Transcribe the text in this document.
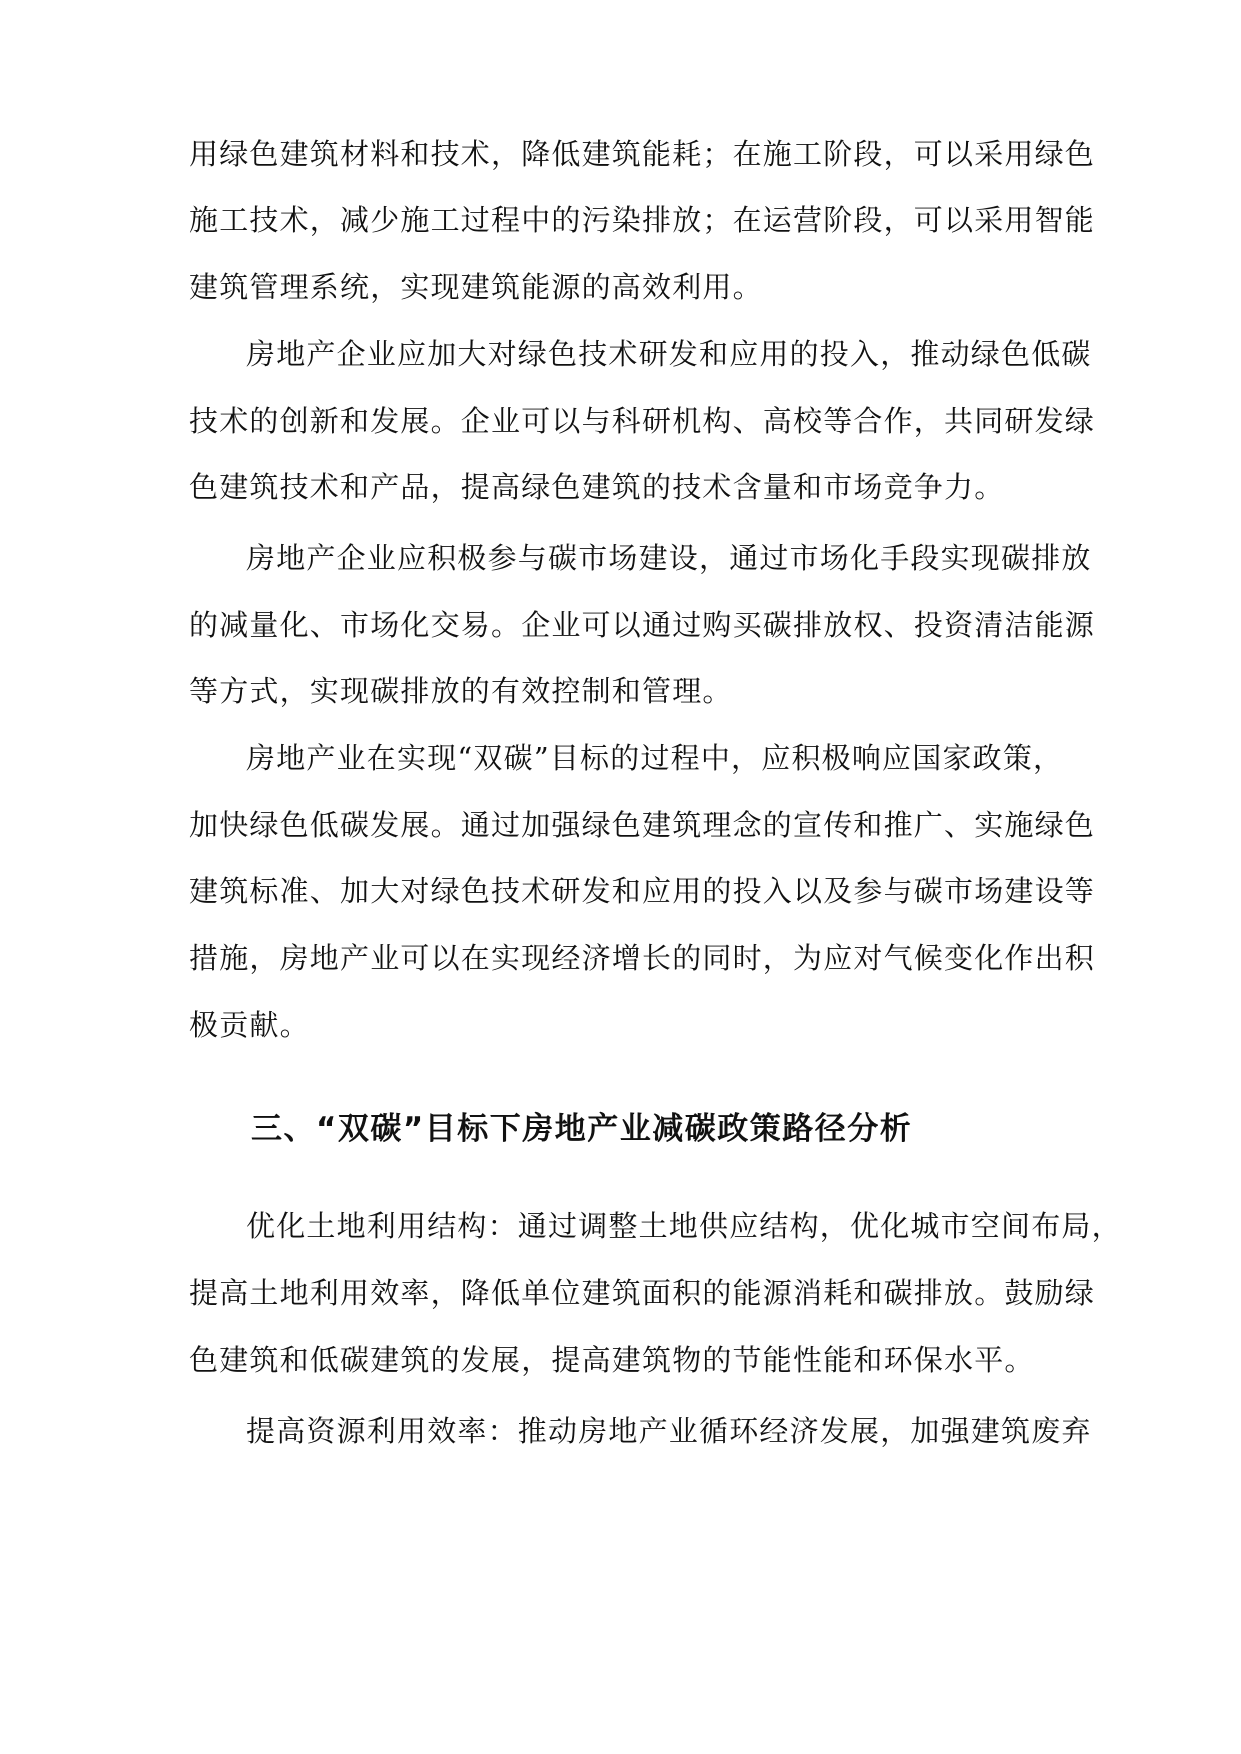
用绿色建筑材料和技术，降低建筑能耗；在施工阶段，可以采用绿色
施工技术，减少施工过程中的污染排放；在运营阶段，可以采用智能
建筑管理系统，实现建筑能源的高效利用。
房地产企业应加大对绿色技术研发和应用的投入，推动绿色低碳
技术的创新和发展。企业可以与科研机构、高校等合作，共同研发绿
色建筑技术和产品，提高绿色建筑的技术含量和市场竞争力。
房地产企业应积极参与碳市场建设，通过市场化手段实现碳排放
的减量化、市场化交易。企业可以通过购买碳排放权、投资清洁能源
等方式，实现碳排放的有效控制和管理。
房地产业在实现“双碳”目标的过程中，应积极响应国家政策，
加快绿色低碳发展。通过加强绿色建筑理念的宣传和推广、实施绿色
建筑标准、加大对绿色技术研发和应用的投入以及参与碳市场建设等
措施，房地产业可以在实现经济增长的同时，为应对气候变化作出积
极贡献。
三、“双碳”目标下房地产业减碳政策路径分析
优化土地利用结构：通过调整土地供应结构，优化城市空间布局，
提高土地利用效率，降低单位建筑面积的能源消耗和碳排放。鼓励绿
色建筑和低碳建筑的发展，提高建筑物的节能性能和环保水平。
提高资源利用效率：推动房地产业循环经济发展，加强建筑废弃
